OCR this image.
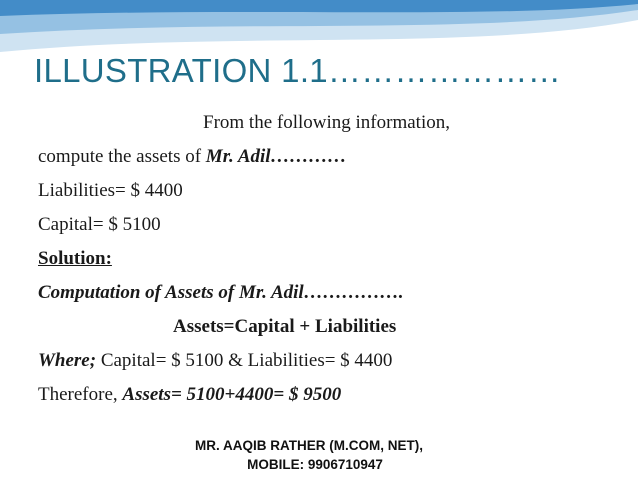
ILLUSTRATION 1.1…………………
From the following information,
compute the assets of Mr. Adil…………
Liabilities= $ 4400
Capital= $ 5100
Solution:
Computation of Assets of Mr. Adil…………….
Assets=Capital + Liabilities
Where; Capital= $ 5100 & Liabilities= $ 4400
Therefore, Assets= 5100+4400= $ 9500
MR. AAQIB RATHER (M.COM, NET),
MOBILE: 9906710947
